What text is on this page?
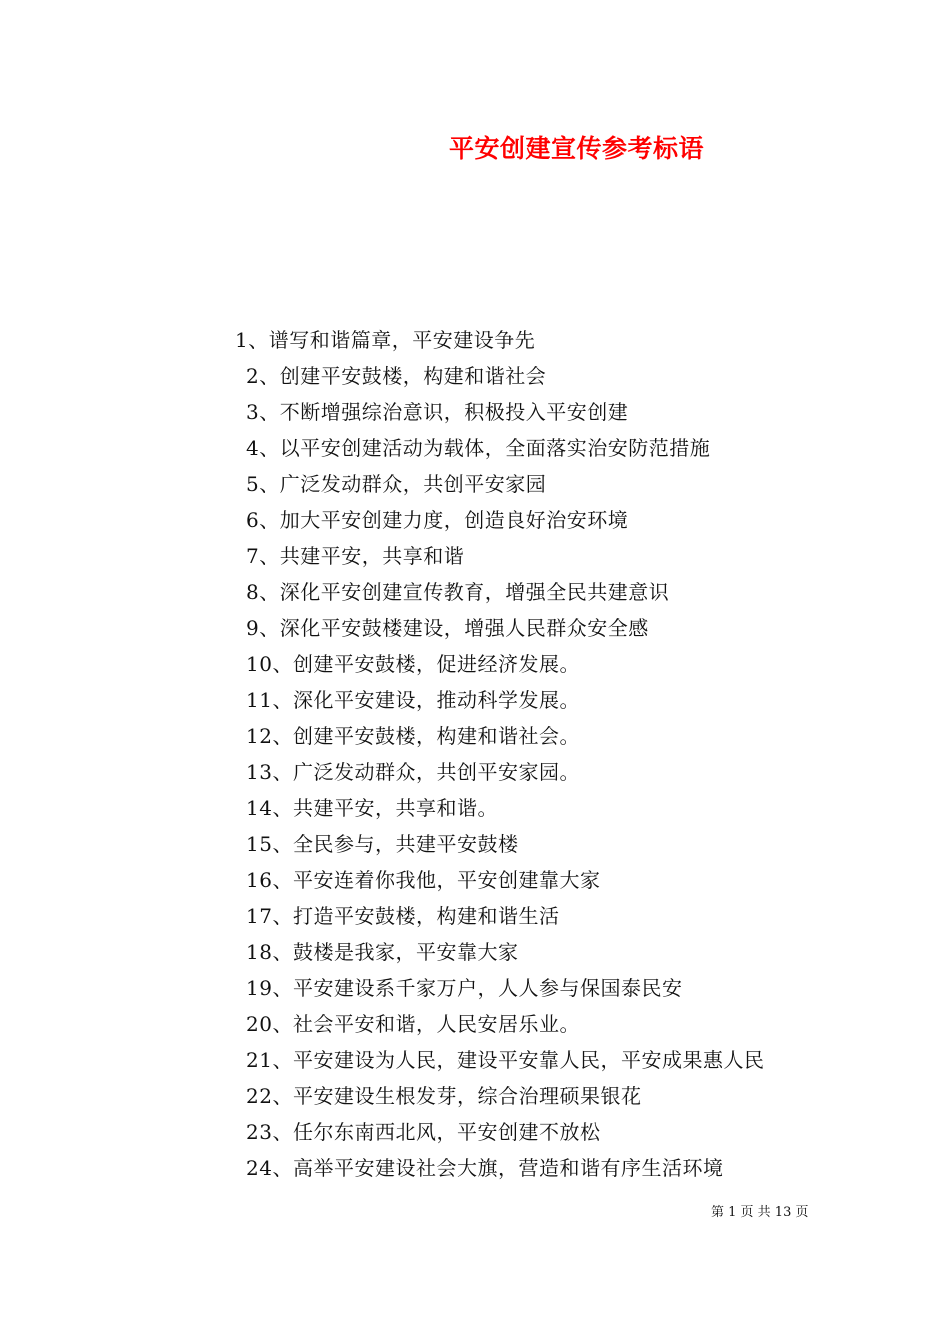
平安创建宣传参考标语
1、谱写和谐篇章，平安建设争先
2、创建平安鼓楼，构建和谐社会
3、不断增强综治意识，积极投入平安创建
4、以平安创建活动为载体，全面落实治安防范措施
5、广泛发动群众，共创平安家园
6、加大平安创建力度，创造良好治安环境
7、共建平安，共享和谐
8、深化平安创建宣传教育，增强全民共建意识
9、深化平安鼓楼建设，增强人民群众安全感
10、创建平安鼓楼，促进经济发展。
11、深化平安建设，推动科学发展。
12、创建平安鼓楼，构建和谐社会。
13、广泛发动群众，共创平安家园。
14、共建平安，共享和谐。
15、全民参与，共建平安鼓楼
16、平安连着你我他，平安创建靠大家
17、打造平安鼓楼，构建和谐生活
18、鼓楼是我家，平安靠大家
19、平安建设系千家万户，人人参与保国泰民安
20、社会平安和谐，人民安居乐业。
21、平安建设为人民，建设平安靠人民，平安成果惠人民
22、平安建设生根发芽，综合治理硕果银花
23、任尔东南西北风，平安创建不放松
24、高举平安建设社会大旗，营造和谐有序生活环境
第 1 页 共 13 页
